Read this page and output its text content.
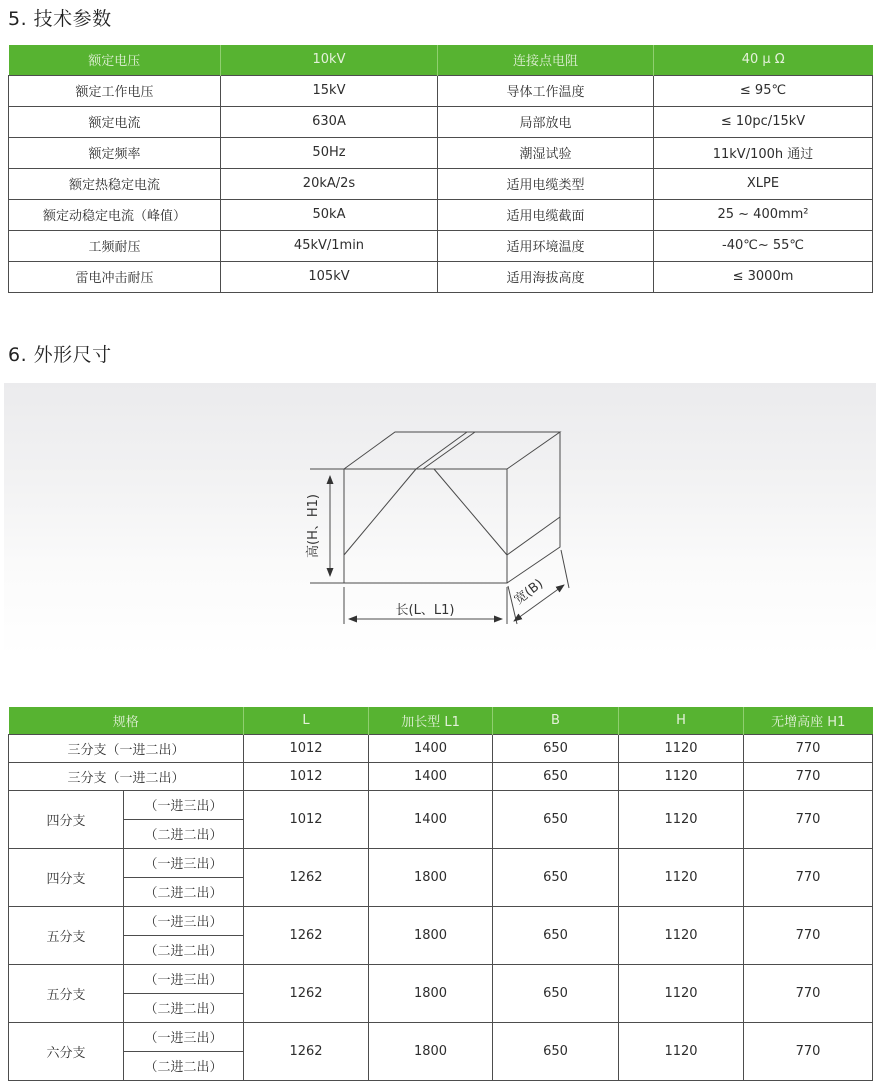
5. 技术参数
额定电压	10kV	连接点电阻	40 μ Ω
额定工作电压	15kV	导体工作温度	≤ 95℃
额定电流	630A	局部放电	≤ 10pc/15kV
额定频率	50Hz	潮湿试验	11kV/100h 通过
额定热稳定电流	20kA/2s	适用电缆类型	XLPE
额定动稳定电流（峰值）	50kA	适用电缆截面	25 ~ 400mm²
工频耐压	45kV/1min	适用环境温度	-40℃~ 55℃
雷电冲击耐压	105kV	适用海拔高度	≤ 3000m
6. 外形尺寸
高(H、H1)
长(L、L1)
宽(B)
规格		L	加长型 L1	B	H	无增高座 H1
三分支（一进二出）		1012	1400	650	1120	770
三分支（一进二出）		1012	1400	650	1120	770
四分支	（一进三出）	1012	1400	650	1120	770
	（二进二出）					
四分支	（一进三出）	1262	1800	650	1120	770
	（二进二出）					
五分支	（一进三出）	1262	1800	650	1120	770
	（二进二出）					
五分支	（一进三出）	1262	1800	650	1120	770
	（二进二出）					
六分支	（一进三出）	1262	1800	650	1120	770
	（二进二出）					
